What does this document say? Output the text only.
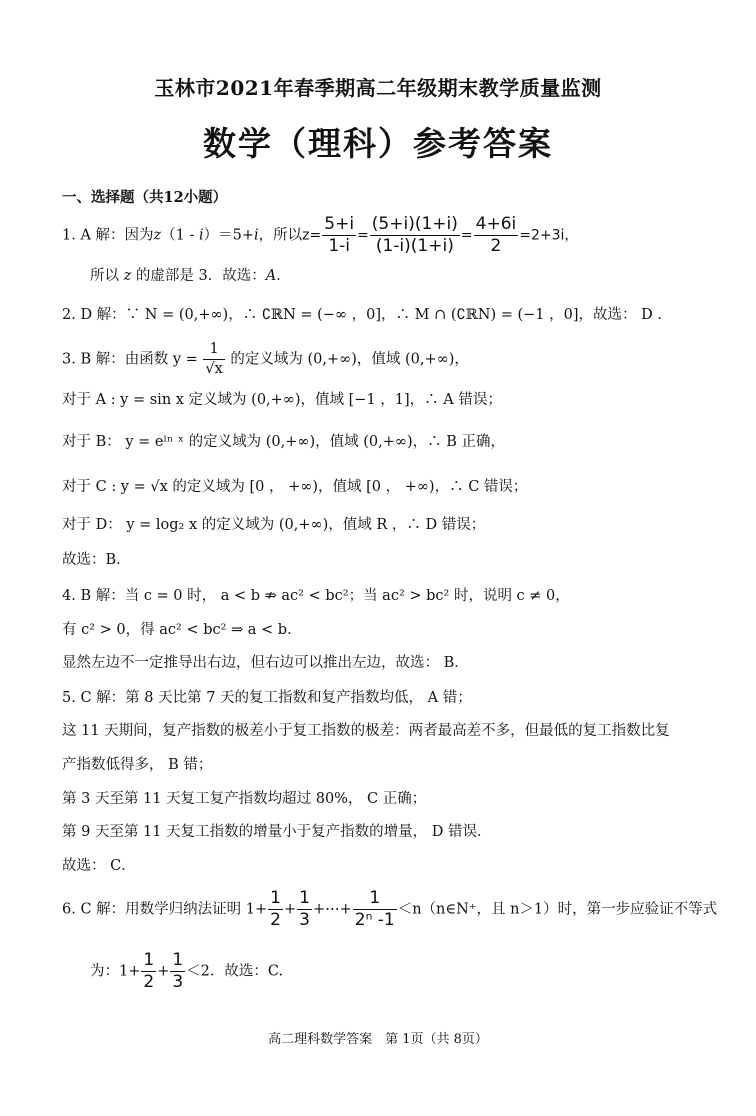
玉林市2021年春季期高二年级期末教学质量监测
数学（理科）参考答案
一、选择题（共12小题）
1. A 解：因为z（1 - i）＝5+i，所以$z= \frac{5+i}{1-i} = \frac{(5+i)(1+i)}{(1-i)(1+i)} = \frac{4+6i}{2} =2+3i$，
所以 z 的虚部是 3．故选：A．
2. D 解：∵ N = (0,+∞)，∴ ∁ℝN = (−∞ ，0]，∴ M ∩ (∁ℝN) = (−1 ，0]，故选： D ．
3. B 解：由函数 $y = \frac{1}{√x}$ 的定义域为 (0,+∞)，值域 (0,+∞)，
对于 A : y = sin x 定义域为 (0,+∞)，值域 [−1 ，1]，∴ A 错误；
对于 B： y = eˡⁿ ˣ 的定义域为 (0,+∞)，值域 (0,+∞)，∴ B 正确，
对于 C : y = √x 的定义域为 [0 ， +∞)，值域 [0 ， +∞)，∴ C 错误；
对于 D： y = log₂ x 的定义域为 (0,+∞)，值域 R ，∴ D 错误；
故选：B．
4. B 解：当 c = 0 时， a < b ⇏ ac² < bc²；当 ac² > bc² 时，说明 c ≠ 0，
有 c² > 0，得 ac² < bc² ⇒ a < b．
显然左边不一定推导出右边，但右边可以推出左边，故选： B．
5. C 解：第 8 天比第 7 天的复工指数和复产指数均低， A 错；
这 11 天期间，复产指数的极差小于复工指数的极差：两者最高差不多，但最低的复工指数比复
产指数低得多， B 错；
第 3 天至第 11 天复工复产指数均超过 80%， C 正确；
第 9 天至第 11 天复工指数的增量小于复产指数的增量， D 错误．
故选： C．
6. C 解：用数学归纳法证明 $1+ \frac{1}{2} + \frac{1}{3}$ +⋯+ $\frac{1}{\text{2ⁿ -1}}$ ＜n（n∈N⁺，且 n＞1）时，第一步应验证不等式
为：$1+ \frac{1}{2} + \frac{1}{3} <2$．故选：C.
高二理科数学答案　第 1页（共 8页）
